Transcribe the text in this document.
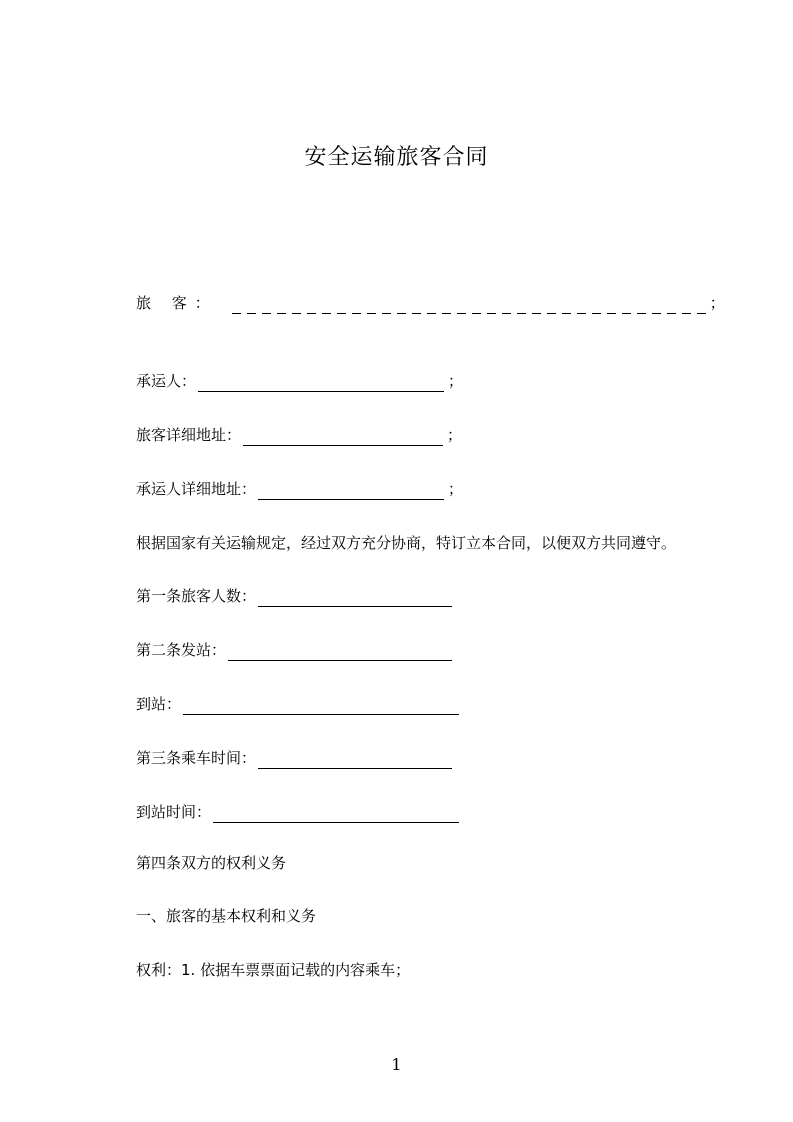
安全运输旅客合同
旅 客：	；
承运人：	；
旅客详细地址：	；
承运人详细地址：	；
根据国家有关运输规定，经过双方充分协商，特订立本合同，以便双方共同遵守。
第一条旅客人数：
第二条发站：
到站：
第三条乘车时间：
到站时间：
第四条双方的权利义务
一、旅客的基本权利和义务
权利：1. 依据车票票面记载的内容乘车；
1
